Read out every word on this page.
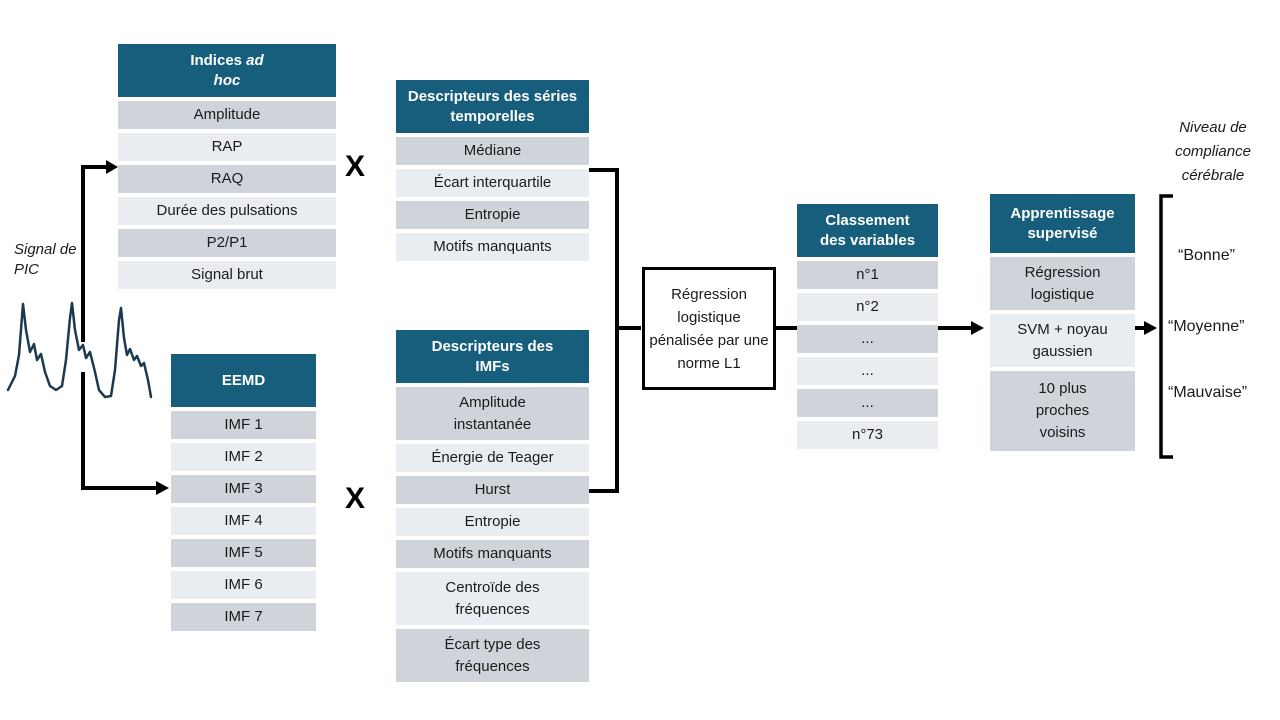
Signal de PIC
Indices ad
hoc
Amplitude
RAP
RAQ
Durée des pulsations
P2/P1
Signal brut
X
Descripteurs des séries temporelles
Médiane
Écart interquartile
Entropie
Motifs manquants
EEMD
IMF 1
IMF 2
IMF 3
IMF 4
IMF 5
IMF 6
IMF 7
X
Descripteurs des IMFs
Amplitude instantanée
Énergie de Teager
Hurst
Entropie
Motifs manquants
Centroïde des fréquences
Écart type des fréquences
Régression logistique pénalisée par une norme L1
Classement des variables
n°1
n°2
...
...
...
n°73
Apprentissage supervisé
Régression logistique
SVM + noyau gaussien
10 plus proches voisins
Niveau de compliance cérébrale
“Bonne”
“Moyenne”
“Mauvaise”
